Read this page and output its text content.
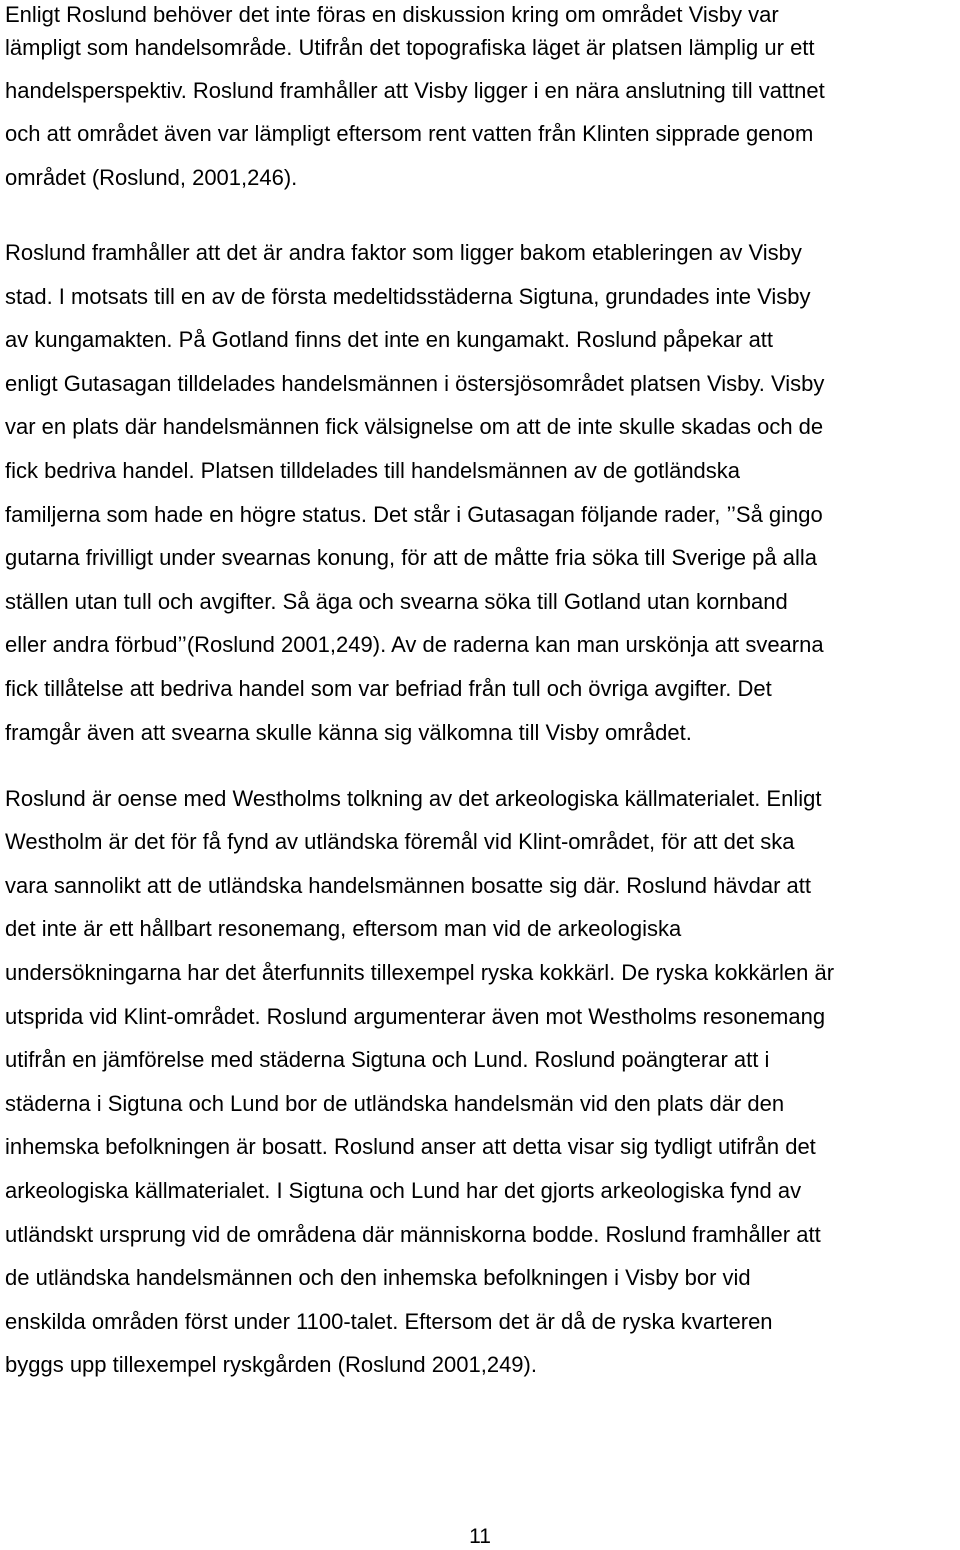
Enligt Roslund behöver det inte föras en diskussion kring om området Visby var

lämpligt som handelsområde. Utifrån det topografiska läget är platsen lämplig ur ett

handelsperspektiv. Roslund framhåller att Visby ligger i en nära anslutning till vattnet

och att området även var lämpligt eftersom rent vatten från Klinten sipprade genom

området (Roslund, 2001,246).

Roslund framhåller att det är andra faktor som ligger bakom etableringen av Visby

stad. I motsats till en av de första medeltidsstäderna Sigtuna, grundades inte Visby

av kungamakten. På Gotland finns det inte en kungamakt. Roslund påpekar att

enligt Gutasagan tilldelades handelsmännen i östersjösområdet platsen Visby. Visby

var en plats där handelsmännen fick välsignelse om att de inte skulle skadas och de

fick bedriva handel. Platsen tilldelades till handelsmännen av de gotländska

familjerna som hade en högre status. Det står i Gutasagan följande rader, ’’Så gingo

gutarna frivilligt under svearnas konung, för att de måtte fria söka till Sverige på alla

ställen utan tull och avgifter. Så äga och svearna söka till Gotland utan kornband

eller andra förbud’’(Roslund 2001,249). Av de raderna kan man urskönja att svearna

fick tillåtelse att bedriva handel som var befriad från tull och övriga avgifter. Det

framgår även att svearna skulle känna sig välkomna till Visby området.

Roslund är oense med Westholms tolkning av det arkeologiska källmaterialet. Enligt

Westholm är det för få fynd av utländska föremål vid Klint-området, för att det ska

vara sannolikt att de utländska handelsmännen bosatte sig där. Roslund hävdar att

det inte är ett hållbart resonemang, eftersom man vid de arkeologiska

undersökningarna har det återfunnits tillexempel ryska kokkärl. De ryska kokkärlen är

utsprida vid Klint-området. Roslund argumenterar även mot Westholms resonemang

utifrån en jämförelse med städerna Sigtuna och Lund. Roslund poängterar att i

städerna i Sigtuna och Lund bor de utländska handelsmän vid den plats där den

inhemska befolkningen är bosatt. Roslund anser att detta visar sig tydligt utifrån det

arkeologiska källmaterialet. I Sigtuna och Lund har det gjorts arkeologiska fynd av

utländskt ursprung vid de områdena där människorna bodde. Roslund framhåller att

de utländska handelsmännen och den inhemska befolkningen i Visby bor vid

enskilda områden först under 1100-talet. Eftersom det är då de ryska kvarteren

byggs upp tillexempel ryskgården (Roslund 2001,249).

11
